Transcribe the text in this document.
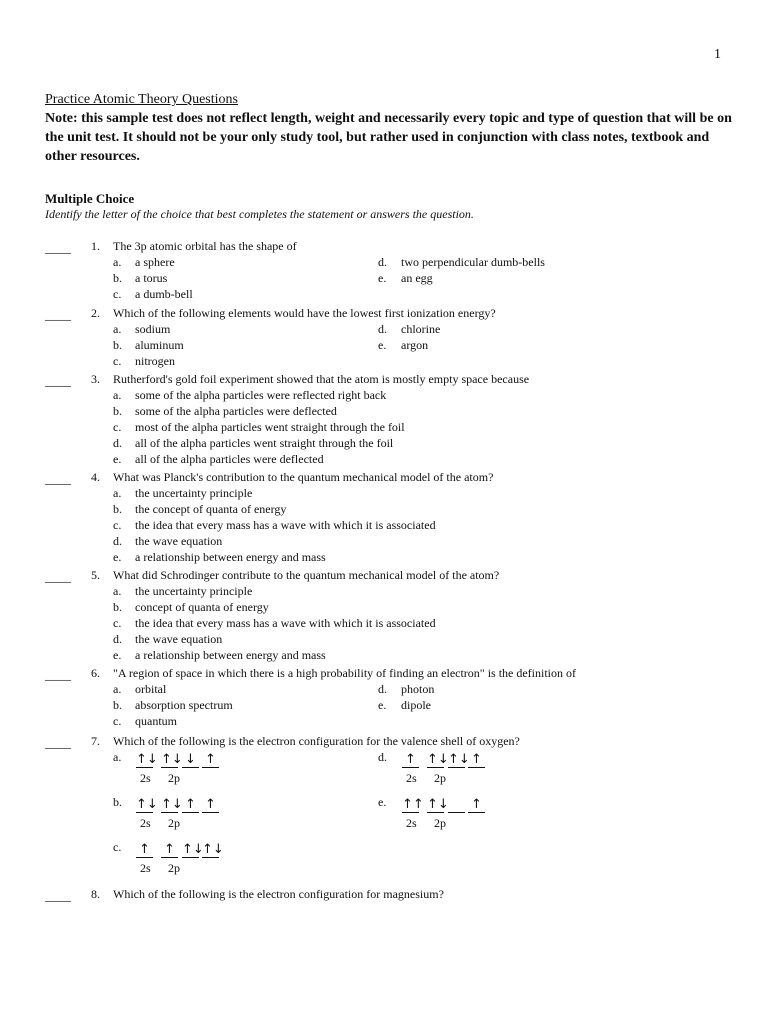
1
Practice Atomic Theory Questions
Note: this sample test does not reflect length, weight and necessarily every topic and type of question that will be on the unit test. It should not be your only study tool, but rather used in conjunction with class notes, textbook and other resources.
Multiple Choice
Identify the letter of the choice that best completes the statement or answers the question.
____ 1. The 3p atomic orbital has the shape of
a. a sphere
b. a torus
c. a dumb-bell
d. two perpendicular dumb-bells
e. an egg
____ 2. Which of the following elements would have the lowest first ionization energy?
a. sodium
b. aluminum
c. nitrogen
d. chlorine
e. argon
____ 3. Rutherford's gold foil experiment showed that the atom is mostly empty space because
a. some of the alpha particles were reflected right back
b. some of the alpha particles were deflected
c. most of the alpha particles went straight through the foil
d. all of the alpha particles went straight through the foil
e. all of the alpha particles were deflected
____ 4. What was Planck's contribution to the quantum mechanical model of the atom?
a. the uncertainty principle
b. the concept of quanta of energy
c. the idea that every mass has a wave with which it is associated
d. the wave equation
e. a relationship between energy and mass
____ 5. What did Schrodinger contribute to the quantum mechanical model of the atom?
a. the uncertainty principle
b. concept of quanta of energy
c. the idea that every mass has a wave with which it is associated
d. the wave equation
e. a relationship between energy and mass
____ 6. "A region of space in which there is a high probability of finding an electron" is the definition of
a. orbital
b. absorption spectrum
c. quantum
d. photon
e. dipole
____ 7. Which of the following is the electron configuration for the valence shell of oxygen?
a. ↑↓ ↑↓ ↓ ↑
2s 2p
b. ↑↓ ↑↓ ↑ ↑
2s 2p
c. ↑ ↑ ↑↓
↑↓
2s 2p
d. ↑ ↑↓ ↑↓ ↑
2s 2p
e. ↑↑ ↑↓
↑
2s 2p
____ 8. Which of the following is the electron configuration for magnesium?
